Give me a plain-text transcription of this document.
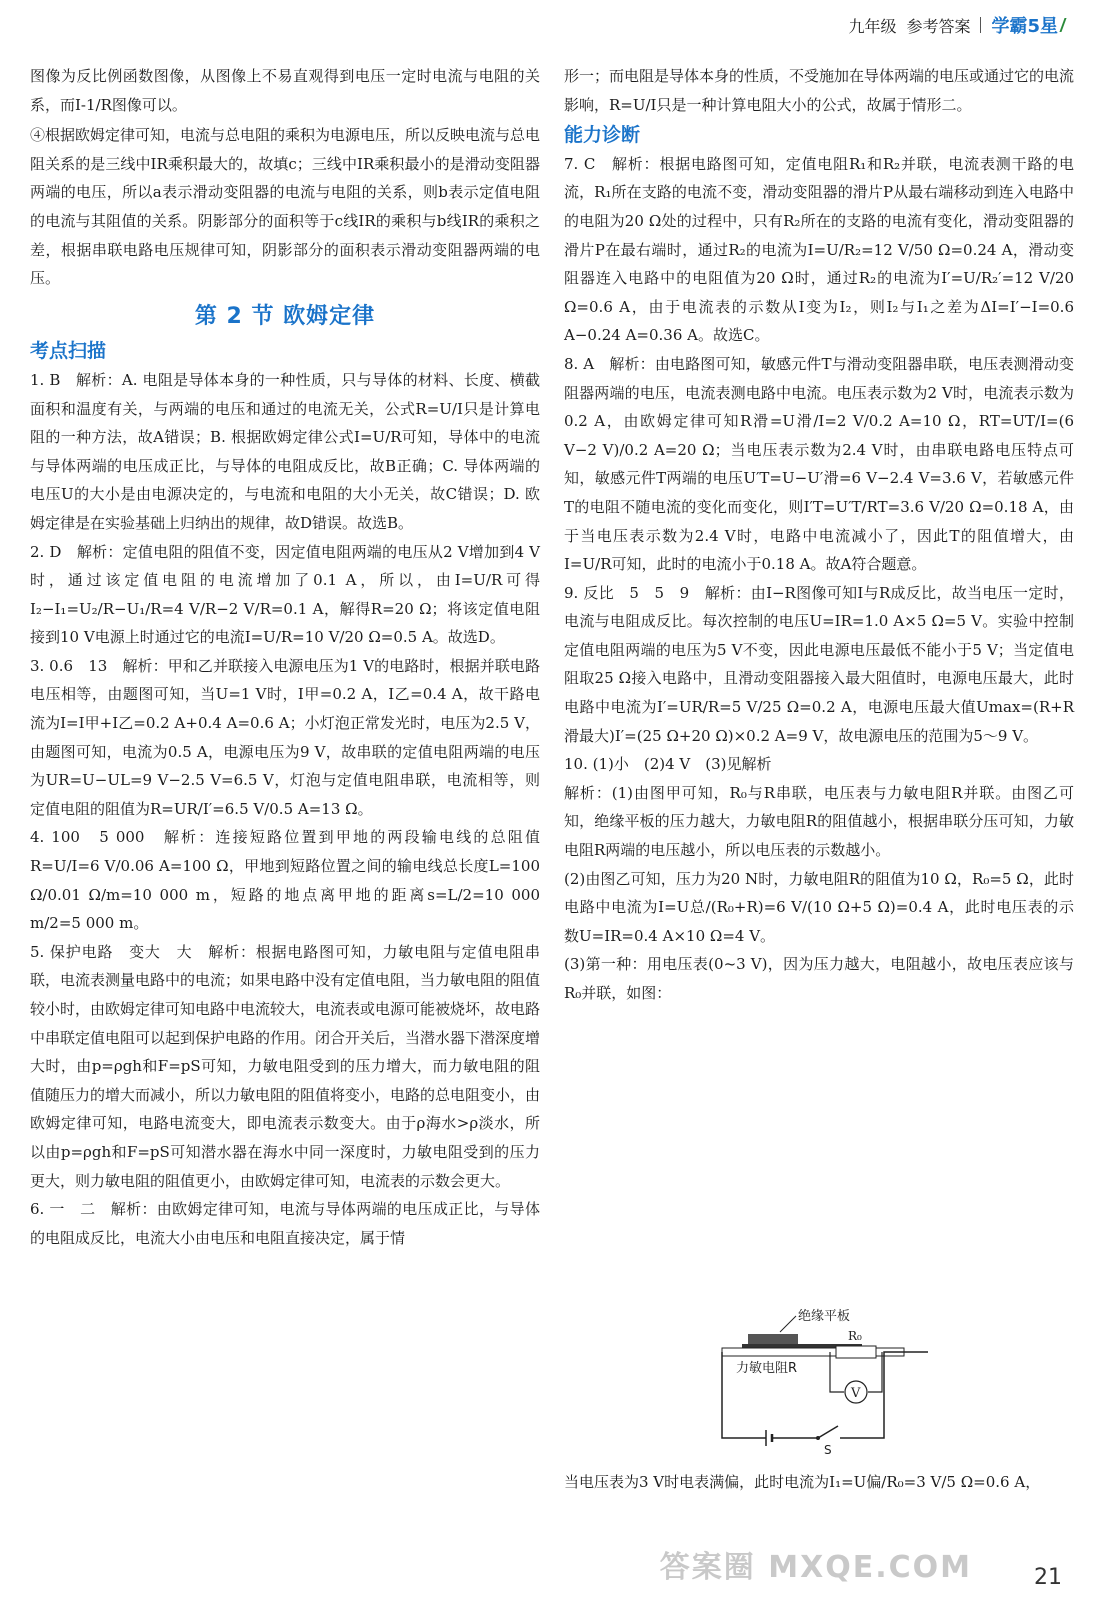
九年级 参考答案 学霸5星

图像为反比例函数图像，从图像上不易直观得到电压一定时电流与电阻的关系，而I-1/R图像可以。

④根据欧姆定律可知，电流与总电阻的乘积为电源电压，所以反映电流与总电阻关系的是三线中IR乘积最大的，故填c；三线中IR乘积最小的是滑动变阻器两端的电压，所以a表示滑动变阻器的电流与电阻的关系，则b表示定值电阻的电流与其阻值的关系。阴影部分的面积等于c线IR的乘积与b线IR的乘积之差，根据串联电路电压规律可知，阴影部分的面积表示滑动变阻器两端的电压。

第 2 节 欧姆定律
考点扫描

1. B　解析：A. 电阻是导体本身的一种性质，只与导体的材料、长度、横截面积和温度有关，与两端的电压和通过的电流无关，公式R=U/I只是计算电阻的一种方法，故A错误；B. 根据欧姆定律公式I=U/R可知，导体中的电流与导体两端的电压成正比，与导体的电阻成反比，故B正确；C. 导体两端的电压U的大小是由电源决定的，与电流和电阻的大小无关，故C错误；D. 欧姆定律是在实验基础上归纳出的规律，故D错误。故选B。

2. D　解析：定值电阻的阻值不变，因定值电阻两端的电压从2 V增加到4 V时，通过该定值电阻的电流增加了0.1 A，所以，由I=U/R可得I₂−I₁=U₂/R−U₁/R=4 V/R−2 V/R=0.1 A，解得R=20 Ω；将该定值电阻接到10 V电源上时通过它的电流I=U/R=10 V/20 Ω=0.5 A。故选D。

3. 0.6　13　解析：甲和乙并联接入电源电压为1 V的电路时，根据并联电路电压相等，由题图可知，当U=1 V时，I甲=0.2 A，I乙=0.4 A，故干路电流为I=I甲+I乙=0.2 A+0.4 A=0.6 A；小灯泡正常发光时，电压为2.5 V，由题图可知，电流为0.5 A，电源电压为9 V，故串联的定值电阻两端的电压为UR=U−UL=9 V−2.5 V=6.5 V，灯泡与定值电阻串联，电流相等，则定值电阻的阻值为R=UR/I′=6.5 V/0.5 A=13 Ω。

4. 100　5 000　解析：连接短路位置到甲地的两段输电线的总阻值R=U/I=6 V/0.06 A=100 Ω，甲地到短路位置之间的输电线总长度L=100 Ω/0.01 Ω/m=10 000 m，短路的地点离甲地的距离s=L/2=10 000 m/2=5 000 m。

5. 保护电路　变大　大　解析：根据电路图可知，力敏电阻与定值电阻串联，电流表测量电路中的电流；如果电路中没有定值电阻，当力敏电阻的阻值较小时，由欧姆定律可知电路中电流较大，电流表或电源可能被烧坏，故电路中串联定值电阻可以起到保护电路的作用。闭合开关后，当潜水器下潜深度增大时，由p=ρgh和F=pS可知，力敏电阻受到的压力增大，而力敏电阻的阻值随压力的增大而减小，所以力敏电阻的阻值将变小，电路的总电阻变小，由欧姆定律可知，电路电流变大，即电流表示数变大。由于ρ海水>ρ淡水，所以由p=ρgh和F=pS可知潜水器在海水中同一深度时，力敏电阻受到的压力更大，则力敏电阻的阻值更小，由欧姆定律可知，电流表的示数会更大。

6. 一　二　解析：由欧姆定律可知，电流与导体两端的电压成正比，与导体的电阻成反比，电流大小由电压和电阻直接决定，属于情

形一；而电阻是导体本身的性质，不受施加在导体两端的电压或通过它的电流影响，R=U/I只是一种计算电阻大小的公式，故属于情形二。

能力诊断

7. C　解析：根据电路图可知，定值电阻R₁和R₂并联，电流表测干路的电流，R₁所在支路的电流不变，滑动变阻器的滑片P从最右端移动到连入电路中的电阻为20 Ω处的过程中，只有R₂所在的支路的电流有变化，滑动变阻器的滑片P在最右端时，通过R₂的电流为I=U/R₂=12 V/50 Ω=0.24 A，滑动变阻器连入电路中的电阻值为20 Ω时，通过R₂的电流为I′=U/R₂′=12 V/20 Ω=0.6 A，由于电流表的示数从I变为I₂，则I₂与I₁之差为ΔI=I′−I=0.6 A−0.24 A=0.36 A。故选C。

8. A　解析：由电路图可知，敏感元件T与滑动变阻器串联，电压表测滑动变阻器两端的电压，电流表测电路中电流。电压表示数为2 V时，电流表示数为0.2 A，由欧姆定律可知R滑=U滑/I=2 V/0.2 A=10 Ω，RT=UT/I=(6 V−2 V)/0.2 A=20 Ω；当电压表示数为2.4 V时，由串联电路电压特点可知，敏感元件T两端的电压U′T=U−U′滑=6 V−2.4 V=3.6 V，若敏感元件T的电阻不随电流的变化而变化，则I′T=U′T/RT=3.6 V/20 Ω=0.18 A，由于当电压表示数为2.4 V时，电路中电流减小了，因此T的阻值增大，由I=U/R可知，此时的电流小于0.18 A。故A符合题意。

9. 反比　5　5　9　解析：由I−R图像可知I与R成反比，故当电压一定时，电流与电阻成反比。每次控制的电压U=IR=1.0 A×5 Ω=5 V。实验中控制定值电阻两端的电压为5 V不变，因此电源电压最低不能小于5 V；当定值电阻取25 Ω接入电路中，且滑动变阻器接入最大阻值时，电源电压最大，此时电路中电流为I′=UR/R=5 V/25 Ω=0.2 A，电源电压最大值Umax=(R+R滑最大)I′=(25 Ω+20 Ω)×0.2 A=9 V，故电源电压的范围为5～9 V。

10. (1)小　(2)4 V　(3)见解析

解析：(1)由图甲可知，R₀与R串联，电压表与力敏电阻R并联。由图乙可知，绝缘平板的压力越大，力敏电阻R的阻值越小，根据串联分压可知，力敏电阻R两端的电压越小，所以电压表的示数越小。

(2)由图乙可知，压力为20 N时，力敏电阻R的阻值为10 Ω，R₀=5 Ω，此时电路中电流为I=U总/(R₀+R)=6 V/(10 Ω+5 Ω)=0.4 A，此时电压表的示数U=IR=0.4 A×10 Ω=4 V。

(3)第一种：用电压表(0~3 V)，因为压力越大，电阻越小，故电压表应该与R₀并联，如图：

绝缘平板
力敏电阻R
S
R₀
V
当电压表为3 V时电表满偏，此时电流为I₁=U偏/R₀=3 V/5 Ω=0.6 A，
答案圈 MXQE.COM	21
